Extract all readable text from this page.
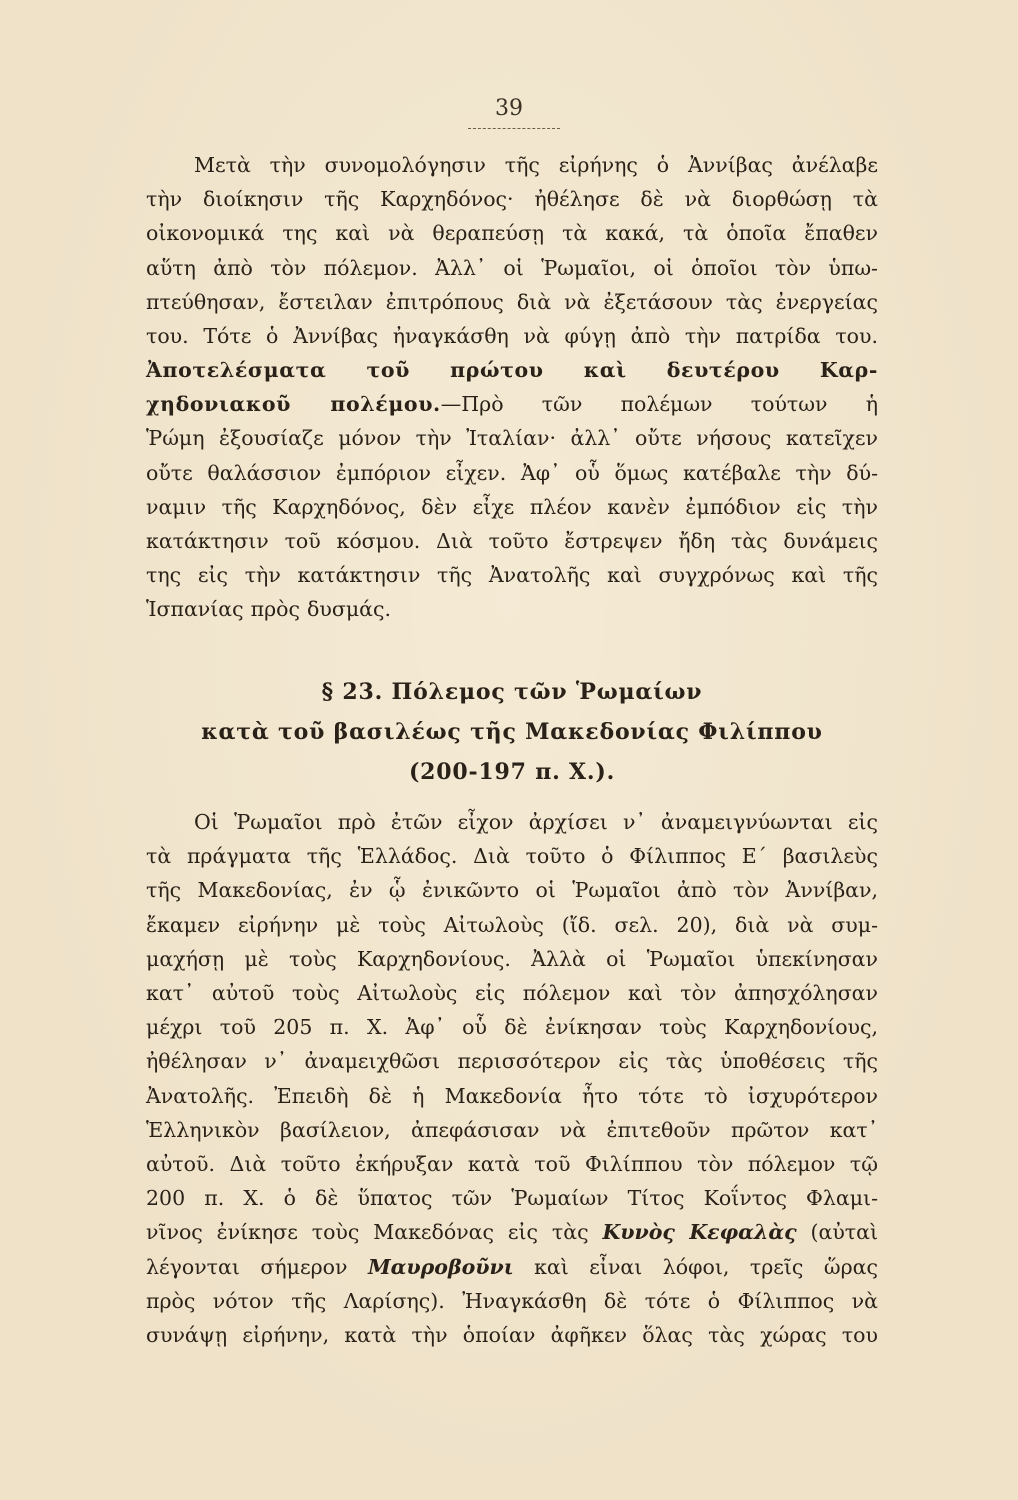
39
Μετὰ τὴν συνομολόγησιν τῆς εἰρήνης ὁ Ἀννίβας ἀνέλαβε
τὴν διοίκησιν τῆς Καρχηδόνος· ἠθέλησε δὲ νὰ διορθώσῃ τὰ
οἰκονομικά της καὶ νὰ θεραπεύσῃ τὰ κακά, τὰ ὁποῖα ἔπαθεν
αὕτη ἀπὸ τὸν πόλεμον. Ἀλλ᾿ οἱ Ῥωμαῖοι, οἱ ὁποῖοι τὸν ὑπω-
πτεύθησαν, ἔστειλαν ἐπιτρόπους διὰ νὰ ἐξετάσουν τὰς ἐνεργείας
του. Τότε ὁ Ἀννίβας ἠναγκάσθη νὰ φύγῃ ἀπὸ τὴν πατρίδα του.
Ἀποτελέσματα τοῦ πρώτου καὶ δευτέρου Καρ-
χηδονιακοῦ πολέμου.—Πρὸ τῶν πολέμων τούτων ἡ
Ῥώμη ἐξουσίαζε μόνον τὴν Ἰταλίαν· ἀλλ᾿ οὔτε νήσους κατεῖχεν
οὔτε θαλάσσιον ἐμπόριον εἶχεν. Ἀφ᾿ οὗ ὅμως κατέβαλε τὴν δύ-
ναμιν τῆς Καρχηδόνος, δὲν εἶχε πλέον κανὲν ἐμπόδιον εἰς τὴν
κατάκτησιν τοῦ κόσμου. Διὰ τοῦτο ἔστρεψεν ἤδη τὰς δυνάμεις
της εἰς τὴν κατάκτησιν τῆς Ἀνατολῆς καὶ συγχρόνως καὶ τῆς
Ἱσπανίας πρὸς δυσμάς.
§ 23. Πόλεμος τῶν Ῥωμαίων
κατὰ τοῦ βασιλέως τῆς Μακεδονίας Φιλίππου
(200-197 π. Χ.).
Οἱ Ῥωμαῖοι πρὸ ἐτῶν εἶχον ἀρχίσει ν᾿ ἀναμειγνύωνται εἰς
τὰ πράγματα τῆς Ἑλλάδος. Διὰ τοῦτο ὁ Φίλιππος Ε΄ βασιλεὺς
τῆς Μακεδονίας, ἐν ᾧ ἐνικῶντο οἱ Ῥωμαῖοι ἀπὸ τὸν Ἀννίβαν,
ἔκαμεν εἰρήνην μὲ τοὺς Αἰτωλοὺς (ἴδ. σελ. 20), διὰ νὰ συμ-
μαχήσῃ μὲ τοὺς Καρχηδονίους. Ἀλλὰ οἱ Ῥωμαῖοι ὑπεκίνησαν
κατ᾿ αὐτοῦ τοὺς Αἰτωλοὺς εἰς πόλεμον καὶ τὸν ἀπησχόλησαν
μέχρι τοῦ 205 π. Χ. Ἀφ᾿ οὗ δὲ ἐνίκησαν τοὺς Καρχηδονίους,
ἠθέλησαν ν᾿ ἀναμειχθῶσι περισσότερον εἰς τὰς ὑποθέσεις τῆς
Ἀνατολῆς. Ἐπειδὴ δὲ ἡ Μακεδονία ἦτο τότε τὸ ἰσχυρότερον
Ἑλληνικὸν βασίλειον, ἀπεφάσισαν νὰ ἐπιτεθοῦν πρῶτον κατ᾿
αὐτοῦ. Διὰ τοῦτο ἐκήρυξαν κατὰ τοῦ Φιλίππου τὸν πόλεμον τῷ
200 π. Χ. ὁ δὲ ὕπατος τῶν Ῥωμαίων Τίτος Κοΐντος Φλαμι-
νῖνος ἐνίκησε τοὺς Μακεδόνας εἰς τὰς Κυνὸς Κεφαλὰς (αὐταὶ
λέγονται σήμερον Μαυροβοῦνι καὶ εἶναι λόφοι, τρεῖς ὥρας
πρὸς νότον τῆς Λαρίσης). Ἠναγκάσθη δὲ τότε ὁ Φίλιππος νὰ
συνάψῃ εἰρήνην, κατὰ τὴν ὁποίαν ἀφῆκεν ὅλας τὰς χώρας του
